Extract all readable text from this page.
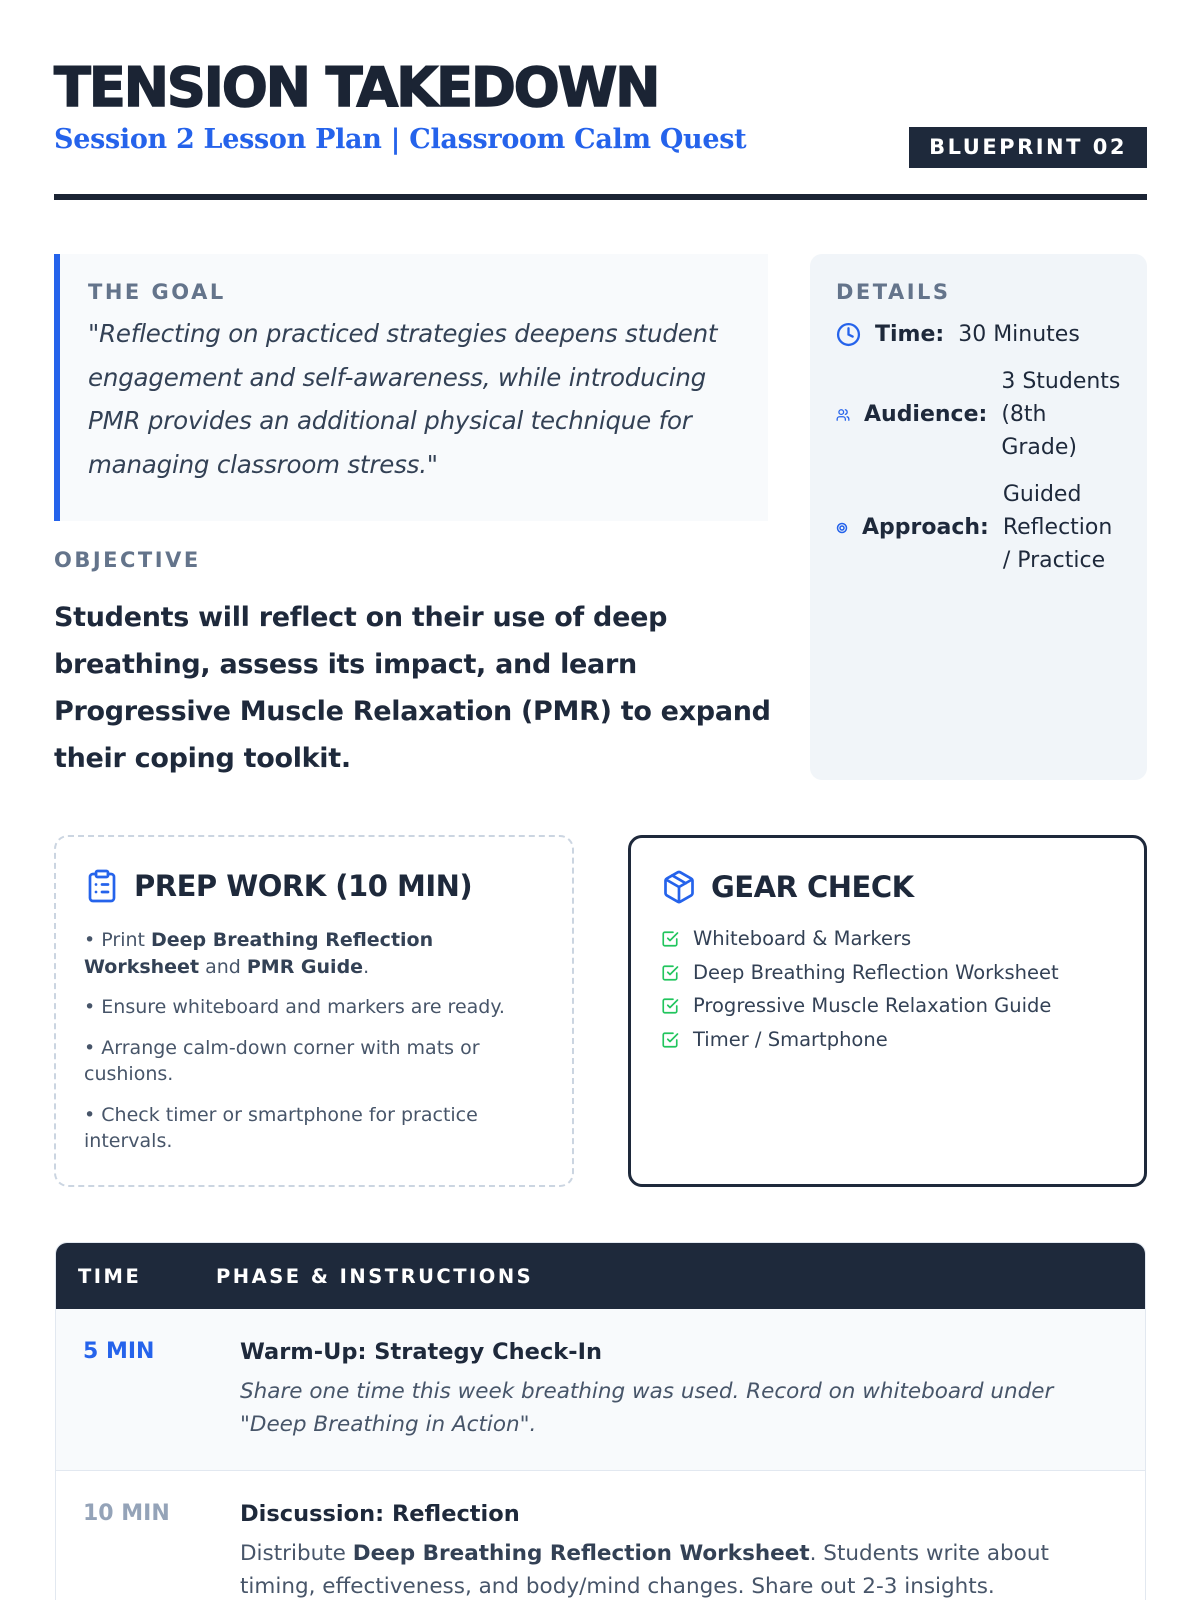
TENSION TAKEDOWN
Session 2 Lesson Plan | Classroom Calm Quest	BLUEPRINT 02
THE GOAL
"Reflecting on practiced strategies deepens student engagement and self-awareness, while introducing PMR provides an additional physical technique for managing classroom stress."
OBJECTIVE
Students will reflect on their use of deep breathing, assess its impact, and learn Progressive Muscle Relaxation (PMR) to expand their coping toolkit.
DETAILS
Time: 30 Minutes
Audience:
3 Students (8th Grade)
Approach:
Guided Reflection / Practice
PREP WORK (10 MIN)
• Print Deep Breathing Reflection Worksheet and PMR Guide.
• Ensure whiteboard and markers are ready.
• Arrange calm-down corner with mats or cushions.
• Check timer or smartphone for practice intervals.
GEAR CHECK
Whiteboard & Markers
Deep Breathing Reflection Worksheet
Progressive Muscle Relaxation Guide
Timer / Smartphone
TIME	PHASE & INSTRUCTIONS
5 MIN	Warm-Up: Strategy Check-In
Share one time this week breathing was used. Record on whiteboard under "Deep Breathing in Action".
10 MIN	Discussion: Reflection
Distribute Deep Breathing Reflection Worksheet. Students write about timing, effectiveness, and body/mind changes. Share out 2-3 insights.
